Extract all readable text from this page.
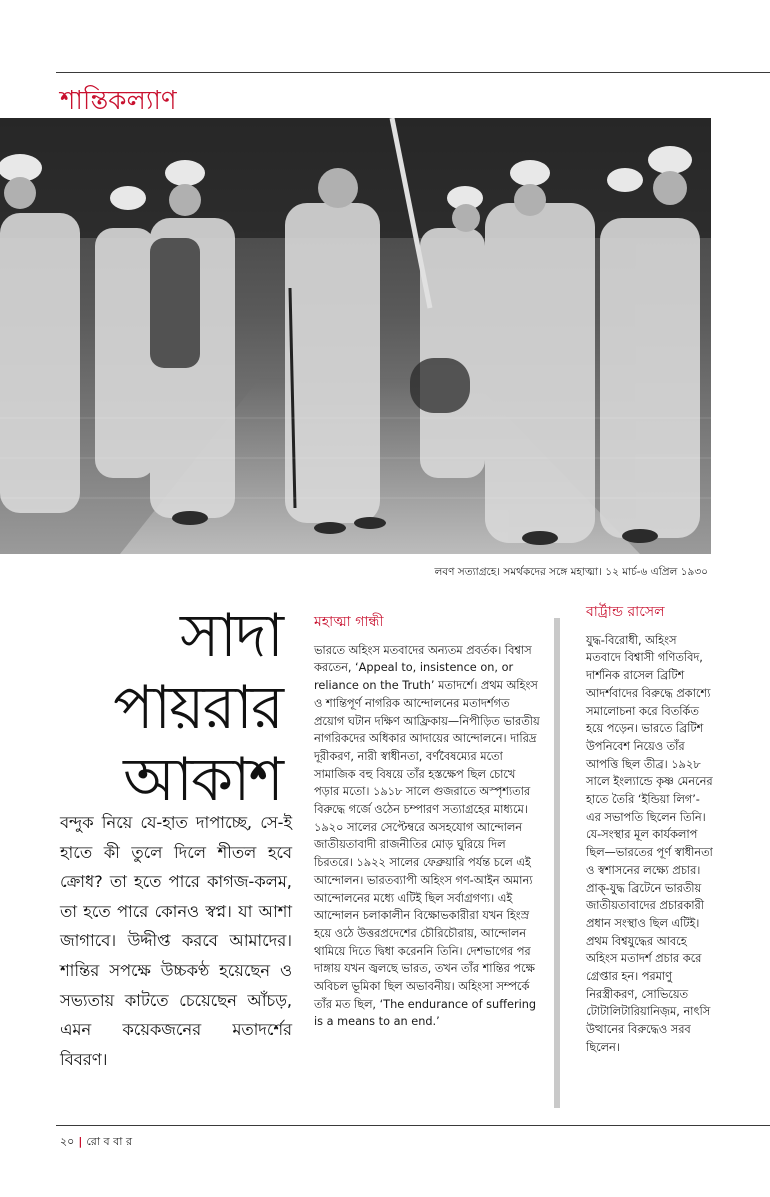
শান্তিকল্যাণ
লবণ সত্যাগ্রহে। সমর্থকদের সঙ্গে মহাত্মা। ১২ মার্চ-৬ এপ্রিল ১৯৩০
সাদা
পায়রার
আকাশ
বন্দুক নিয়ে যে-হাত দাপাচ্ছে, সে-ই হাতে কী তুলে দিলে শীতল হবে ক্রোধ? তা হতে পারে কাগজ-কলম, তা হতে পারে কোনও স্বপ্ন। যা আশা জাগাবে। উদ্দীপ্ত করবে আমাদের। শান্তির সপক্ষে উচ্চকণ্ঠ হয়েছেন ও সভ্যতায় কাটতে চেয়েছেন আঁচড়, এমন কয়েকজনের মতাদর্শের বিবরণ।
মহাত্মা গান্ধী
ভারতে অহিংস মতবাদের অন্যতম প্রবর্তক। বিশ্বাস করতেন, ‘Appeal to, insistence on, or reliance on the Truth’ মতাদর্শে। প্রথম অহিংস ও শান্তিপূর্ণ নাগরিক আন্দোলনের মতাদর্শগত প্রয়োগ ঘটান দক্ষিণ আফ্রিকায়—নিপীড়িত ভারতীয় নাগরিকদের অধিকার আদায়ের আন্দোলনে। দারিদ্র দূরীকরণ, নারী স্বাধীনতা, বর্ণবৈষম্যের মতো সামাজিক বহু বিষয়ে তাঁর হস্তক্ষেপ ছিল চোখে পড়ার মতো। ১৯১৮ সালে গুজরাতে অস্পৃশ্যতার বিরুদ্ধে গর্জে ওঠেন চম্পারণ সত্যাগ্রহের মাধ্যমে। ১৯২০ সালের সেপ্টেম্বরে অসহযোগ আন্দোলন জাতীয়তাবাদী রাজনীতির মোড় ঘুরিয়ে দিল চিরতরে। ১৯২২ সালের ফেব্রুয়ারি পর্যন্ত চলে এই আন্দোলন। ভারতব্যাপী অহিংস গণ-আইন অমান্য আন্দোলনের মধ্যে এটিই ছিল সর্বাগ্রগণ্য। এই আন্দোলন চলাকালীন বিক্ষোভকারীরা যখন হিংস্র হয়ে ওঠে উত্তরপ্রদেশের চৌরিচৌরায়, আন্দোলন থামিয়ে দিতে দ্বিধা করেননি তিনি। দেশভাগের পর দাঙ্গায় যখন জ্বলছে ভারত, তখন তাঁর শান্তির পক্ষে অবিচল ভূমিকা ছিল অভাবনীয়। অহিংসা সম্পর্কে তাঁর মত ছিল, ‘The endurance of suffering is a means to an end.’
বার্ট্রান্ড রাসেল
যুদ্ধ-বিরোধী, অহিংস মতবাদে বিশ্বাসী গণিতবিদ, দার্শনিক রাসেল ব্রিটিশ আদর্শবাদের বিরুদ্ধে প্রকাশ্যে সমালোচনা করে বিতর্কিত হয়ে পড়েন। ভারতে ব্রিটিশ উপনিবেশ নিয়েও তাঁর আপত্তি ছিল তীব্র। ১৯২৮ সালে ইংল্যান্ডে কৃষ্ণ মেননের হাতে তৈরি ‘ইন্ডিয়া লিগ’-এর সভাপতি ছিলেন তিনি। যে-সংস্থার মূল কার্যকলাপ ছিল—ভারতের পূর্ণ স্বাধীনতা ও স্বশাসনের লক্ষ্যে প্রচার। প্রাক্-যুদ্ধ ব্রিটেনে ভারতীয় জাতীয়তাবাদের প্রচারকারী প্রধান সংস্থাও ছিল এটিই। প্রথম বিশ্বযুদ্ধের আবহে অহিংস মতাদর্শ প্রচার করে গ্রেপ্তার হন। পরমাণু নিরস্ত্রীকরণ, সোভিয়েত টোটালিটারিয়ানিজ়ম, নাৎসি উত্থানের বিরুদ্ধেও সরব ছিলেন।
২০ | রো ব বা র
